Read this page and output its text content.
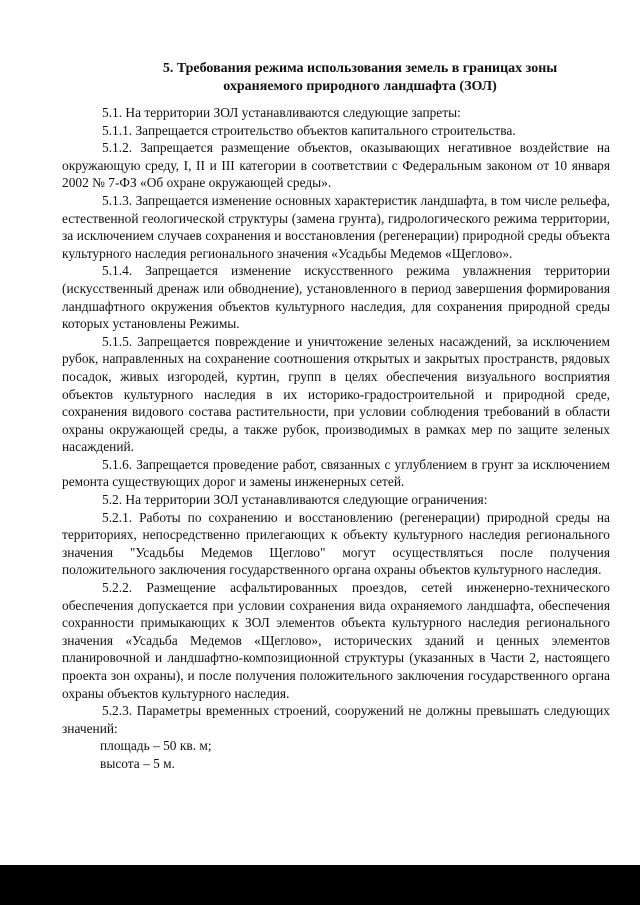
5. Требования режима использования земель в границах зоны
охраняемого природного ландшафта (ЗОЛ)

5.1. На территории ЗОЛ устанавливаются следующие запреты:

5.1.1. Запрещается строительство объектов капитального строительства.

5.1.2. Запрещается размещение объектов, оказывающих негативное воздействие на окружающую среду, I, II и III категории в соответствии с Федеральным законом от 10 января 2002 № 7-ФЗ «Об охране окружающей среды».

5.1.3. Запрещается изменение основных характеристик ландшафта, в том числе рельефа, естественной геологической структуры (замена грунта), гидрологического режима территории, за исключением случаев сохранения и восстановления (регенерации) природной среды объекта культурного наследия регионального значения «Усадьбы Медемов «Щеглово».

5.1.4. Запрещается изменение искусственного режима увлажнения территории (искусственный дренаж или обводнение), установленного в период завершения формирования ландшафтного окружения объектов культурного наследия, для сохранения природной среды которых установлены Режимы.

5.1.5. Запрещается повреждение и уничтожение зеленых насаждений, за исключением рубок, направленных на сохранение соотношения открытых и закрытых пространств, рядовых посадок, живых изгородей, куртин, групп в целях обеспечения визуального восприятия объектов культурного наследия в их историко-градостроительной и природной среде, сохранения видового состава растительности, при условии соблюдения требований в области охраны окружающей среды, а также рубок, производимых в рамках мер по защите зеленых насаждений.

5.1.6. Запрещается проведение работ, связанных с углублением в грунт за исключением ремонта существующих дорог и замены инженерных сетей.

5.2. На территории ЗОЛ устанавливаются следующие ограничения:

5.2.1. Работы по сохранению и восстановлению (регенерации) природной среды на территориях, непосредственно прилегающих к объекту культурного наследия регионального значения "Усадьбы Медемов Щеглово" могут осуществляться после получения положительного заключения государственного органа охраны объектов культурного наследия.

5.2.2. Размещение асфальтированных проездов, сетей инженерно-технического обеспечения допускается при условии сохранения вида охраняемого ландшафта, обеспечения сохранности примыкающих к ЗОЛ элементов объекта культурного наследия регионального значения «Усадьба Медемов «Щеглово», исторических зданий и ценных элементов планировочной и ландшафтно-композиционной структуры (указанных в Части 2, настоящего проекта зон охраны), и после получения положительного заключения государственного органа охраны объектов культурного наследия.

5.2.3. Параметры временных строений, сооружений не должны превышать следующих значений:

площадь – 50 кв. м;

высота – 5 м.
